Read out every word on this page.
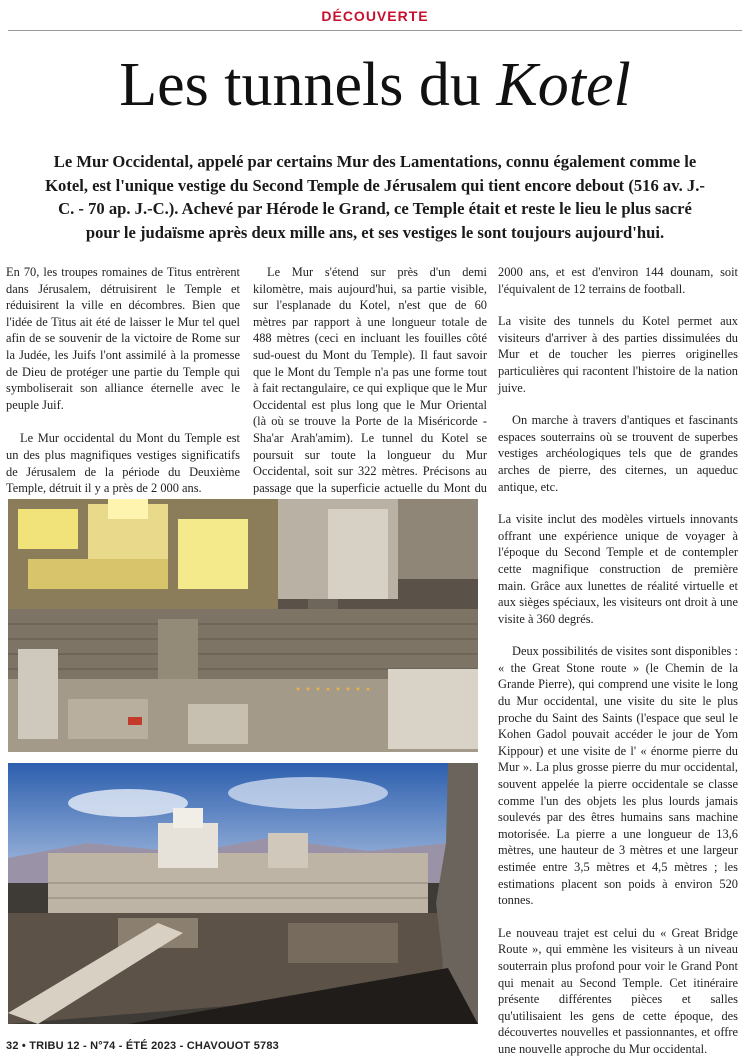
DÉCOUVERTE
Les tunnels du Kotel
Le Mur Occidental, appelé par certains Mur des Lamentations, connu également comme le Kotel, est l'unique vestige du Second Temple de Jérusalem qui tient encore debout (516 av. J.-C. - 70 ap. J.-C.). Achevé par Hérode le Grand, ce Temple était et reste le lieu le plus sacré pour le judaïsme après deux mille ans, et ses vestiges le sont toujours aujourd'hui.

En 70, les troupes romaines de Titus entrèrent dans Jérusalem, détruisirent le Temple et réduisirent la ville en décombres. Bien que l'idée de Titus ait été de laisser le Mur tel quel afin de se souvenir de la victoire de Rome sur la Judée, les Juifs l'ont assimilé à la promesse de Dieu de protéger une partie du Temple qui symboliserait son alliance éternelle avec le peuple Juif.

Le Mur occidental du Mont du Temple est un des plus magnifiques vestiges significatifs de Jérusalem de la période du Deuxième Temple, détruit il y a près de 2 000 ans.

Le Mur s'étend sur près d'un demi kilomètre, mais aujourd'hui, sa partie visible, sur l'esplanade du Kotel, n'est que de 60 mètres par rapport à une longueur totale de 488 mètres (ceci en incluant les fouilles côté sud-ouest du Mont du Temple). Il faut savoir que le Mont du Temple n'a pas une forme tout à fait rectangulaire, ce qui explique que le Mur Occidental est plus long que le Mur Oriental (là où se trouve la Porte de la Miséricorde - Sha'ar Arah'amim). Le tunnel du Kotel se poursuit sur toute la longueur du Mur Occidental, soit sur 322 mètres. Précisons au passage que la superficie actuelle du Mont du

2000 ans, et est d'environ 144 dounam, soit l'équivalent de 12 terrains de football.

La visite des tunnels du Kotel permet aux visiteurs d'arriver à des parties dissimulées du Mur et de toucher les pierres originelles particulières qui racontent l'histoire de la nation juive.

On marche à travers d'antiques et fascinants espaces souterrains où se trouvent de superbes vestiges archéologiques tels que de grandes arches de pierre, des citernes, un aqueduc antique, etc.

La visite inclut des modèles virtuels innovants offrant une expérience unique de voyager à l'époque du Second Temple et de contempler cette magnifique construction de première main. Grâce aux lunettes de réalité virtuelle et aux sièges spéciaux, les visiteurs ont droit à une visite à 360 degrés.

Deux possibilités de visites sont disponibles : « the Great Stone route » (le Chemin de la Grande Pierre), qui comprend une visite le long du Mur occidental, une visite du site le plus proche du Saint des Saints (l'espace que seul le Kohen Gadol pouvait accéder le jour de Yom Kippour) et une visite de l' « énorme pierre du Mur ». La plus grosse pierre du mur occidental, souvent appelée la pierre occidentale se classe comme l'un des objets les plus lourds jamais soulevés par des êtres humains sans machine motorisée. La pierre a une longueur de 13,6 mètres, une hauteur de 3 mètres et une largeur estimée entre 3,5 mètres et 4,5 mètres ; les estimations placent son poids à environ 520 tonnes.

Le nouveau trajet est celui du « Great Bridge Route », qui emmène les visiteurs à un niveau souterrain plus profond pour voir le Grand Pont qui menait au Second Temple. Cet itinéraire présente différentes pièces et salles qu'utilisaient les gens de cette époque, des découvertes nouvelles et passionnantes, et offre une nouvelle approche du Mur occidental.

32 • TRIBU 12 - N°74 - ÉTÉ 2023 - CHAVOUOT 5783
